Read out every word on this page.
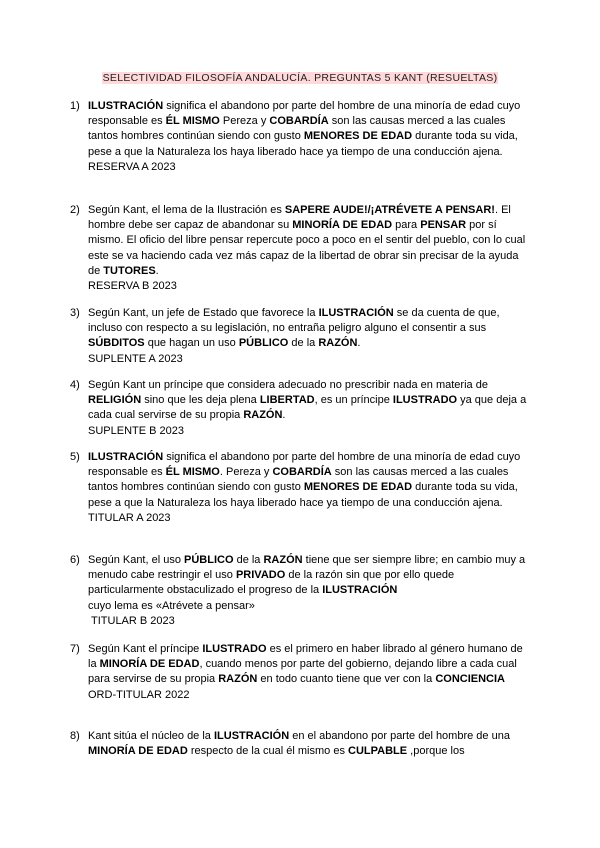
SELECTIVIDAD FILOSOFÍA ANDALUCÍA. PREGUNTAS 5 KANT (RESUELTAS)
1) ILUSTRACIÓN significa el abandono por parte del hombre de una minoría de edad cuyo responsable es ÉL MISMO Pereza y COBARDÍA son las causas merced a las cuales tantos hombres continúan siendo con gusto MENORES DE EDAD durante toda su vida, pese a que la Naturaleza los haya liberado hace ya tiempo de una conducción ajena.
RESERVA A 2023
2) Según Kant, el lema de la Ilustración es SAPERE AUDE!/¡ATRÉVETE A PENSAR!. El hombre debe ser capaz de abandonar su MINORÍA DE EDAD para PENSAR por sí mismo. El oficio del libre pensar repercute poco a poco en el sentir del pueblo, con lo cual este se va haciendo cada vez más capaz de la libertad de obrar sin precisar de la ayuda de TUTORES.
RESERVA B 2023
3) Según Kant, un jefe de Estado que favorece la ILUSTRACIÓN se da cuenta de que, incluso con respecto a su legislación, no entraña peligro alguno el consentir a sus SÚBDITOS que hagan un uso PÚBLICO de la RAZÓN.
SUPLENTE A 2023
4) Según Kant un príncipe que considera adecuado no prescribir nada en materia de RELIGIÓN sino que les deja plena LIBERTAD, es un príncipe ILUSTRADO ya que deja a cada cual servirse de su propia RAZÓN.
SUPLENTE B 2023
5) ILUSTRACIÓN significa el abandono por parte del hombre de una minoría de edad cuyo responsable es ÉL MISMO. Pereza y COBARDÍA son las causas merced a las cuales tantos hombres continúan siendo con gusto MENORES DE EDAD durante toda su vida, pese a que la Naturaleza los haya liberado hace ya tiempo de una conducción ajena.
TITULAR A 2023
6) Según Kant, el uso PÚBLICO de la RAZÓN tiene que ser siempre libre; en cambio muy a menudo cabe restringir el uso PRIVADO de la razón sin que por ello quede particularmente obstaculizado el progreso de la ILUSTRACIÓN
cuyo lema es «Atrévete a pensar»
TITULAR B 2023
7) Según Kant el príncipe ILUSTRADO es el primero en haber librado al género humano de la MINORÍA DE EDAD, cuando menos por parte del gobierno, dejando libre a cada cual para servirse de su propia RAZÓN en todo cuanto tiene que ver con la CONCIENCIA
ORD-TITULAR 2022
8) Kant sitúa el núcleo de la ILUSTRACIÓN en el abandono por parte del hombre de una MINORÍA DE EDAD respecto de la cual él mismo es CULPABLE ,porque los
